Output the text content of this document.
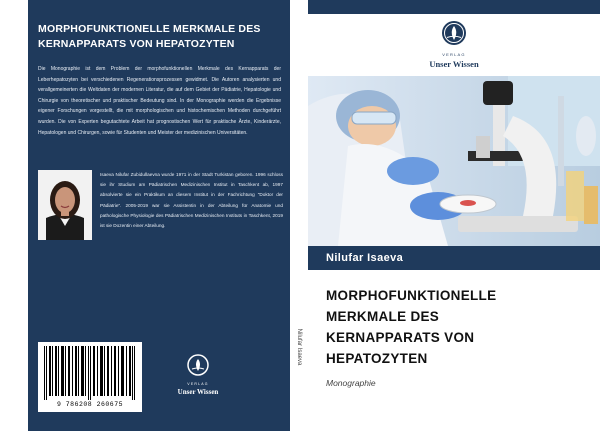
MORPHOFUNKTIONELLE MERKMALE DES
KERNAPPARATS VON HEPATOZYTEN
Die Monographie ist dem Problem der morphofunktionellen Merkmale des Kernapparats der Leberhepatozyten bei verschiedenen Regenerationsprozessen gewidmet. Die Autoren analysierten und verallgemeinerten die Weltdaten der modernen Literatur, die auf dem Gebiet der Pädiatrie, Hepatologie und Chirurgie von theoretischer und praktischer Bedeutung sind. In der Monographie werden die Ergebnisse eigener Forschungen vorgestellt, die mit morphologischen und histochemischen Methoden durchgeführt wurden. Die von Experten begutachtete Arbeit hat prognostischen Wert für praktische Ärzte, Kinderärzte, Hepatologen und Chirurgen, sowie für Studenten und Meister der medizinischen Universitäten.
Isaeva Nilufar Zubidullaevna wurde 1971 in der Stadt Turkistan geboren. 1996 schloss sie ihr Studium am Pädiatrischen Medizinischen Institut in Taschkent ab, 1997 absolvierte sie ein Praktikum an diesem Institut in der Fachrichtung "Doktor der Pädiatrie". 2005-2019 war sie Assistentin in der Abteilung für Anatomie und pathologische Physiologie des Pädiatrischen Medizinischen Instituts in Taschkent, 2019 ist sie Dozentin einer Abteilung.
9 786208 260675
VERLAG
Unser Wissen
Nilufar Isaeva
VERLAG
Unser Wissen
Nilufar Isaeva
MORPHOFUNKTIONELLE
MERKMALE DES
KERNAPPARATS VON
HEPATOZYTEN
Monographie
